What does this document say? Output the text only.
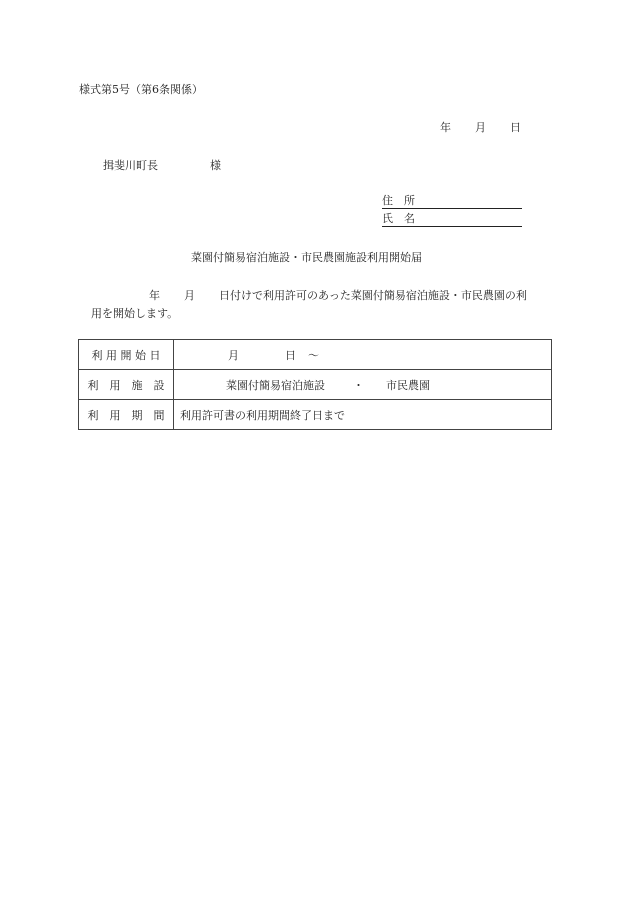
様式第5号（第6条関係）
年 月 日
揖斐川町長	様
住　所
氏　名
菜園付簡易宿泊施設・市民農園施設利用開始届
年 月 日付けで利用許可のあった菜園付簡易宿泊施設・市民農園の利
用を開始します。
利 用 開 始 日	月 日 ～
利　用　施　設	菜園付簡易宿泊施設 ・ 市民農園
利　用　期　間	利用許可書の利用期間終了日まで
